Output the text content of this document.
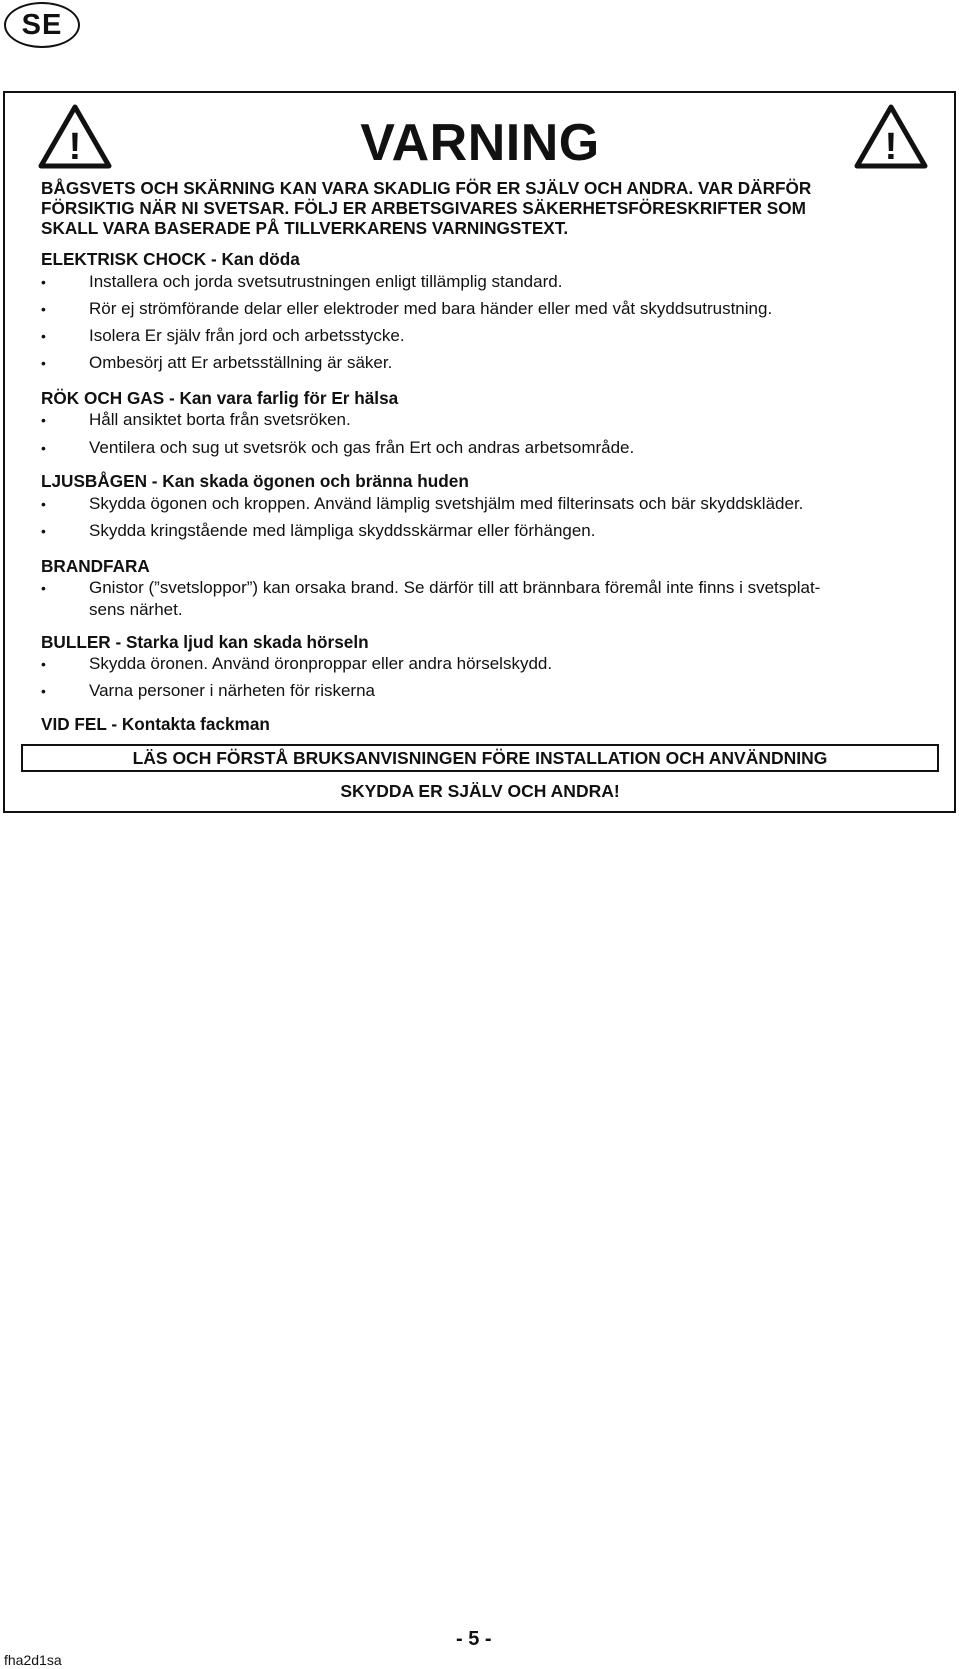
SE
!	VARNING	!

BÅGSVETS OCH SKÄRNING KAN VARA SKADLIG FÖR ER SJÄLV OCH ANDRA. VAR DÄRFÖR
FÖRSIKTIG NÄR NI SVETSAR. FÖLJ ER ARBETSGIVARES SÄKERHETSFÖRESKRIFTER SOM
SKALL VARA BASERADE PÅ TILLVERKARENS VARNINGSTEXT.

ELEKTRISK CHOCK - Kan döda
•	Installera och jorda svetsutrustningen enligt tillämplig standard.
•	Rör ej strömförande delar eller elektroder med bara händer eller med våt skyddsutrustning.
•	Isolera Er själv från jord och arbetsstycke.
•	Ombesörj att Er arbetsställning är säker.
RÖK OCH GAS - Kan vara farlig för Er hälsa
•	Håll ansiktet borta från svetsröken.
•	Ventilera och sug ut svetsrök och gas från Ert och andras arbetsområde.
LJUSBÅGEN - Kan skada ögonen och bränna huden
•	Skydda ögonen och kroppen. Använd lämplig svetshjälm med filterinsats och bär skyddskläder.
•	Skydda kringstående med lämpliga skyddsskärmar eller förhängen.
BRANDFARA
•	Gnistor (”svetsloppor”) kan orsaka brand. Se därför till att brännbara föremål inte finns i svetsplat-
sens närhet.
BULLER - Starka ljud kan skada hörseln
•	Skydda öronen. Använd öronproppar eller andra hörselskydd.
•	Varna personer i närheten för riskerna
VID FEL - Kontakta fackman
LÄS OCH FÖRSTÅ BRUKSANVISNINGEN FÖRE INSTALLATION OCH ANVÄNDNING
SKYDDA ER SJÄLV OCH ANDRA!
- 5 -
fha2d1sa
